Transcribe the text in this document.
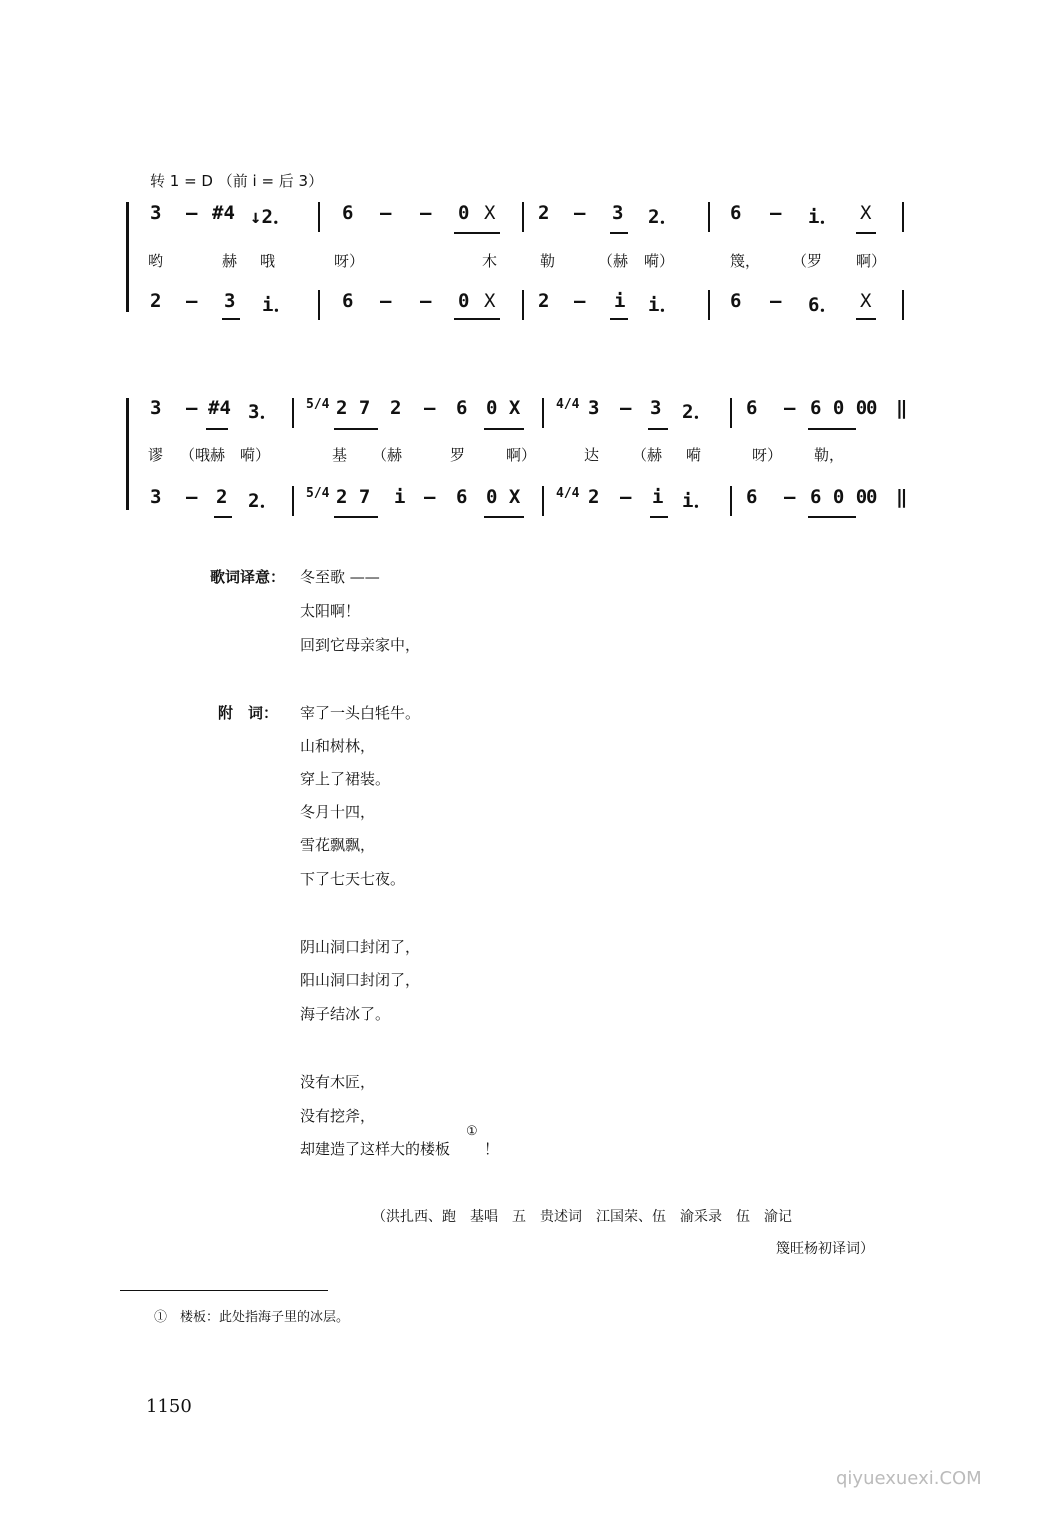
转 1 = D （前 i = 后 3）
3 – #4 ↓2．	6 – – 0 X 2 – 3 2．	6 – i． X
哟	赫 哦	呀）	木	勒	（赫 嗬）	篾， （罗 啊）
2 – 3 i．	6 – – 0 X 2 – i i．	6 – 6． X
3 – #4 3． 5/4 2 7 2 – 6 0 X	4/4 3 – 3 2． 6 – 6 0 0
0 ‖
谬 （哦赫 嗬）	基 （赫	罗	啊）	达 （赫 嗬	呀） 勒，
3 – 2 2． 5/4 2 7 i – 6 0 X	4/4 2 – i i． 6 – 6 0 0
0 ‖
歌词译意： 冬至歌 ——
太阳啊！
回到它母亲家中，
附　词： 宰了一头白牦牛。
山和树林，
穿上了裙装。
冬月十四，
雪花飘飘，
下了七天七夜。
阴山洞口封闭了，
阳山洞口封闭了，
海子结冰了。
没有木匠，
没有挖斧，
却建造了这样大的楼板
①
！
（洪扎西、跑　基唱　五　贵述词　江国荣、伍　渝采录　伍　渝记
篾旺杨初译词）
①　楼板：此处指海子里的冰层。
1150
qiyuexuexi.COM
